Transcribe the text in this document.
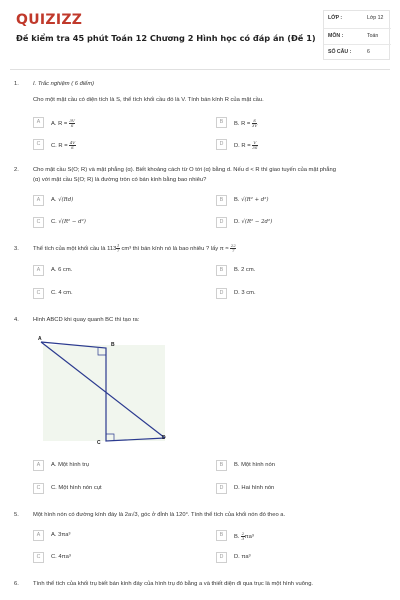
QUIZIZZ
Đề kiểm tra 45 phút Toán 12 Chương 2 Hình học có đáp án (Đề 1)
LỚP :	Lớp 12
MÔN :	Toán
SỐ CÂU :	6
1. I. Trắc nghiệm ( 6 điểm)
Cho một mặt cầu có diện tích là S, thể tích khối cầu đó là V. Tính bán kính R của mặt cầu.
A	A. $R = \frac{3V}{S}$	B	B. $R = \frac{S}{3V}$
C	C. $R = \frac{4V}{S}$	D	D. $R = \frac{V}{3S}$
2. Cho mặt cầu S(O; R) và mặt phẳng (α). Biết khoảng cách từ O tới (α) bằng d. Nếu d < R thì giao tuyến của mặt phẳng
(α) với mặt cầu S(O; R) là đường tròn có bán kính bằng bao nhiêu?
A	A. √(Rd)	B	B. √(R² + d²)
C	C. √(R² − d²)	D	D. √(R² − 2d²)
3. Thể tích của một khối cầu là $113 \frac{1}{7} cm^3$ thì bán kính nó là bao nhiêu ? lấy $\pi \approx \frac{22}{7}$
A	A. 6 cm.	B	B. 2 cm.
C	C. 4 cm.	D	D. 3 cm.
4. Hình ABCD khi quay quanh BC thì tạo ra:
A
B
C
D
A	A. Một hình trụ	B	B. Một hình nón
C	C. Một hình nón cụt	D	D. Hai hình nón
5. Một hình nón có đường kính đáy là 2a√3, góc ở đỉnh là 120°. Tính thể tích của khối nón đó theo a.
A	A. 3πa³	B	B. $\frac{2}{3} \pi a^3$
C	C. 4πa³	D	D. πa³
6. Tính thể tích của khối trụ biết bán kính đáy của hình trụ đó bằng a và thiết diện đi qua trục là một hình vuông.
